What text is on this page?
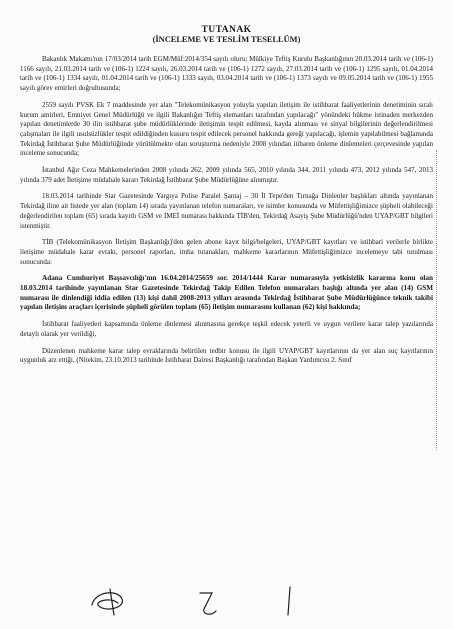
TUTANAK
(İNCELEME VE TESLİM TESELLÜM)

Bakanlık Makamı'nın 17/03/2014 tarih EGM/Müf:2014/354 sayılı oluru; Mülkiye Teftiş Kurulu Başkanlığının 20.03.2014 tarih ve (106-1) 1166 sayılı, 21.03.2014 tarih ve (106-1) 1224 sayılı, 26.03.2014 tarih ve (106-1) 1272 sayılı, 27.03.2014 tarih ve (106-1) 1295 sayılı, 01.04.2014 tarih ve (106-1) 1334 sayılı, 01.04.2014 tarih ve (106-1) 1333 sayılı, 03.04.2014 tarih ve (106-1) 1373 sayılı ve 09.05.2014 tarih ve (106-1) 1955 sayılı görev emirleri doğrultusunda;

2559 sayılı PVSK Ek 7 maddesinde yer alan "Telekomünikasyon yoluyla yapılan iletişim ile istihbarat faaliyetlerinin denetiminin sıralı kurum amirleri, Emniyet Genel Müdürlüğü ve ilgili Bakanlığın Teftiş elemanları tarafından yapılacağı" yönündeki hükme istinaden merkezden yapılan denetimlerde 30 ilin istihbarat şube müdürlüklerinde iletişimin tespit edilmesi, kayda alınması ve sinyal bilgilerinin değerlendirilmesi çalışmaları ile ilgili usulsüzlükler tespit edildiğinden kusuru tespit edilecek personel hakkında gereği yapılacağı, işlemin yapılabilmesi bağlamında Tekirdağ İstihbarat Şube Müdürlüğünde yürütülmekte olan soruşturma nedeniyle 2008 yılından itibaren önleme dinlemeleri çerçevesinde yapılan inceleme sonucunda;

İstanbul Ağır Ceza Mahkemelerinden 2008 yılında 262, 2009 yılında 565, 2010 yılında 344, 2011 yılında 473, 2012 yılında 547, 2013 yılında 379 adet İletişime müdahale kararı Tekirdağ İstihbarat Şube Müdürlüğüne alınmıştır.

18.03.2014 tarihinde Star Gazetesinde Yargıya Polise Paralel Şantaj – 30 İl Tepe'den Tırnağa Dinlenler başlıkları altında yayınlanan Tekirdağ iline ait listede yer alan (toplam 14) sırada yayınlanan telefon numaraları, ve isimler konusunda ve Müfettişliğimizce şüpheli olabileceği değerlendirilen toplam (65) sırada kayıtlı GSM ve İMEİ numarası hakkında TİB'den, Tekirdağ Asayiş Şube Müdürlüğü'nden UYAP/GBT bilgileri istenmiştir.

TİB (Telekomünikasyon İletişim Başkanlığı)'den gelen abone kayıt bilgi/belgeleri, UYAP/GBT kayıtları ve istihbari verilerle birlikte iletişime müdahale karar evrakı, personel raporları, imha tutanakları, mahkeme kararlarının Müfettişliğimizce incelemeye tabi tutulması sonucunda:

Adana Cumhuriyet Başsavcılığı'nın 16.04.2014/25659 sor. 2014/1444 Karar numarasıyla yetkisizlik kararına konu olan 18.03.2014 tarihinde yayınlanan Star Gazetesinde Tekirdağ Takip Edilen Telefon numaraları başlığı altında yer alan (14) GSM numarası ile dinlendiği iddia edilen (13) kişi dahil 2008-2013 yılları arasında Tekirdağ İstihbarat Şube Müdürlüğünce teknik takibi yapılan iletişim araçları içerisinde şüpheli görülen toplam (65) iletişim numarasını kullanan (62) kişi hakkında;

İstihbarat faaliyetleri kapsamında önleme dinlemesi alınmasına gerekçe teşkil edecek yeterli ve uygun verilere karar talep yazılarında detaylı olarak yer verildiği,

Düzenlenen mahkeme karar talep evraklarında belirtilen tedbir konusu ile ilgili UYAP/GBT kayıtlarının da yer alan suç kayıtlarının uygunluk arz ettiği, (Nitekim, 23.10.2013 tarihinde İstihbarat Dairesi Başkanlığı tarafından Başkan Yardımcısı 2. Sınıf
